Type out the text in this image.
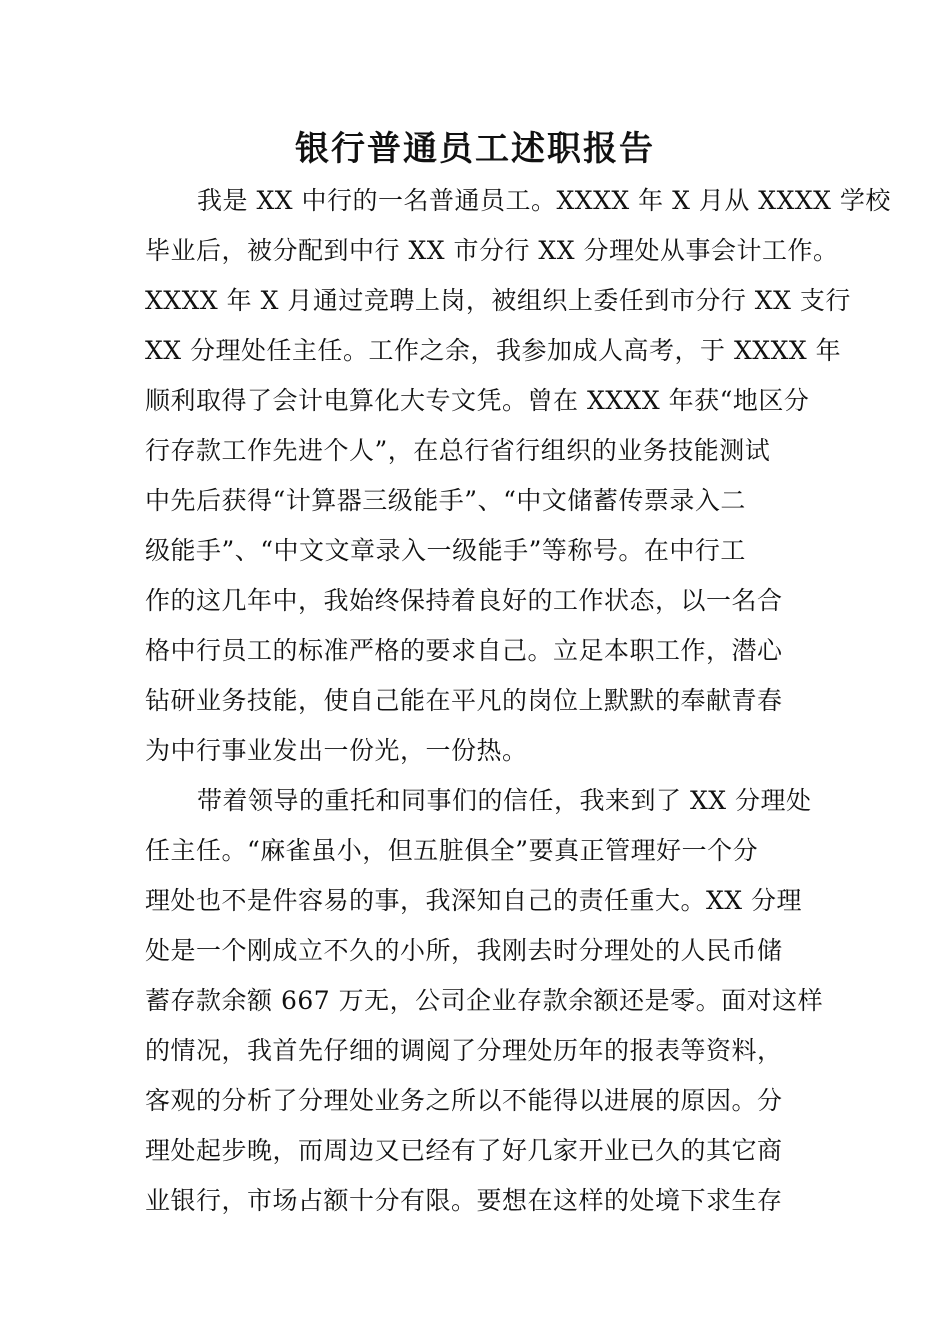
银行普通员工述职报告
我是 XX 中行的一名普通员工。XXXX 年 X 月从 XXXX 学校
毕业后，被分配到中行 XX 市分行 XX 分理处从事会计工作。
XXXX 年 X 月通过竞聘上岗，被组织上委任到市分行 XX 支行
XX 分理处任主任。工作之余，我参加成人高考，于 XXXX 年
顺利取得了会计电算化大专文凭。曾在 XXXX 年获“地区分
行存款工作先进个人”，在总行省行组织的业务技能测试
中先后获得“计算器三级能手”、“中文储蓄传票录入二
级能手”、“中文文章录入一级能手”等称号。在中行工
作的这几年中，我始终保持着良好的工作状态，以一名合
格中行员工的标准严格的要求自己。立足本职工作，潜心
钻研业务技能，使自己能在平凡的岗位上默默的奉献青春
为中行事业发出一份光，一份热。
带着领导的重托和同事们的信任，我来到了 XX 分理处
任主任。“麻雀虽小，但五脏俱全”要真正管理好一个分
理处也不是件容易的事，我深知自己的责任重大。XX 分理
处是一个刚成立不久的小所，我刚去时分理处的人民币储
蓄存款余额 667 万无，公司企业存款余额还是零。面对这样
的情况，我首先仔细的调阅了分理处历年的报表等资料，
客观的分析了分理处业务之所以不能得以进展的原因。分
理处起步晚，而周边又已经有了好几家开业已久的其它商
业银行，市场占额十分有限。要想在这样的处境下求生存
